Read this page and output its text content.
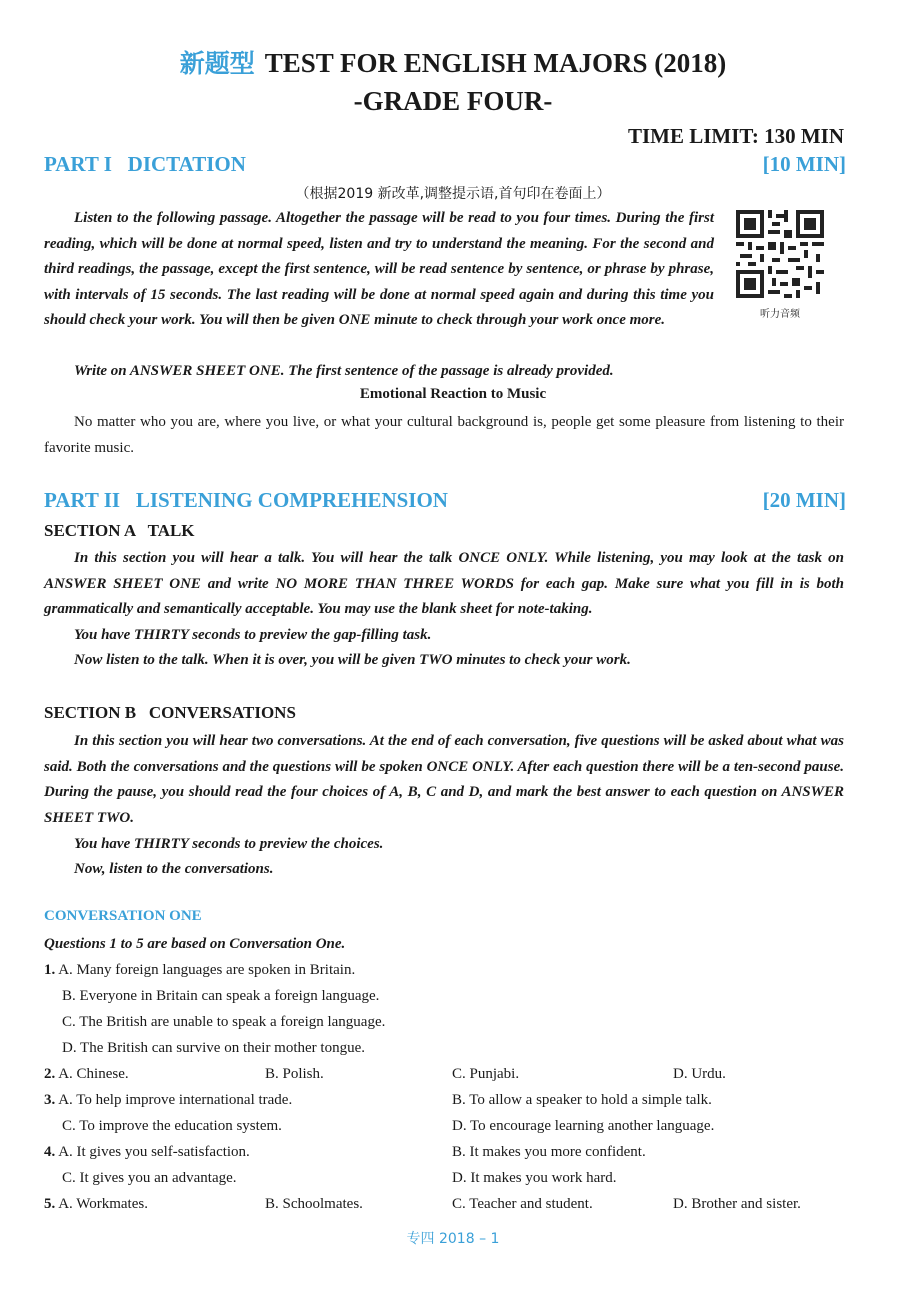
新题型 TEST FOR ENGLISH MAJORS (2018)
-GRADE FOUR-
TIME LIMIT: 130 MIN
PART I   DICTATION	[10 MIN]
（根据2019 新改革,调整提示语,首句印在卷面上）
Listen to the following passage. Altogether the passage will be read to you four times. During the first reading, which will be done at normal speed, listen and try to understand the meaning. For the second and third readings, the passage, except the first sentence, will be read sentence by sentence, or phrase by phrase, with intervals of 15 seconds. The last reading will be done at normal speed again and during this time you should check your work. You will then be given ONE minute to check through your work once more.	听力音频
Write on ANSWER SHEET ONE. The first sentence of the passage is already provided.
Emotional Reaction to Music
No matter who you are, where you live, or what your cultural background is, people get some pleasure from listening to their favorite music.
PART II   LISTENING COMPREHENSION	[20 MIN]
SECTION A   TALK
In this section you will hear a talk. You will hear the talk ONCE ONLY. While listening, you may look at the task on ANSWER SHEET ONE and write NO MORE THAN THREE WORDS for each gap. Make sure what you fill in is both grammatically and semantically acceptable. You may use the blank sheet for note-taking.
You have THIRTY seconds to preview the gap-filling task.
Now listen to the talk. When it is over, you will be given TWO minutes to check your work.
SECTION B   CONVERSATIONS
In this section you will hear two conversations. At the end of each conversation, five questions will be asked about what was said. Both the conversations and the questions will be spoken ONCE ONLY. After each question there will be a ten-second pause. During the pause, you should read the four choices of A, B, C and D, and mark the best answer to each question on ANSWER SHEET TWO.
You have THIRTY seconds to preview the choices.
Now, listen to the conversations.
CONVERSATION ONE
Questions 1 to 5 are based on Conversation One.
1. A. Many foreign languages are spoken in Britain.
B. Everyone in Britain can speak a foreign language.
C. The British are unable to speak a foreign language.
D. The British can survive on their mother tongue.
2. A. Chinese.	B. Polish.	C. Punjabi.	D. Urdu.
3. A. To help improve international trade.	B. To allow a speaker to hold a simple talk.
C. To improve the education system.	D. To encourage learning another language.
4. A. It gives you self-satisfaction.	B. It makes you more confident.
C. It gives you an advantage.	D. It makes you work hard.
5. A. Workmates.	B. Schoolmates.	C. Teacher and student.	D. Brother and sister.
专四 2018 – 1
